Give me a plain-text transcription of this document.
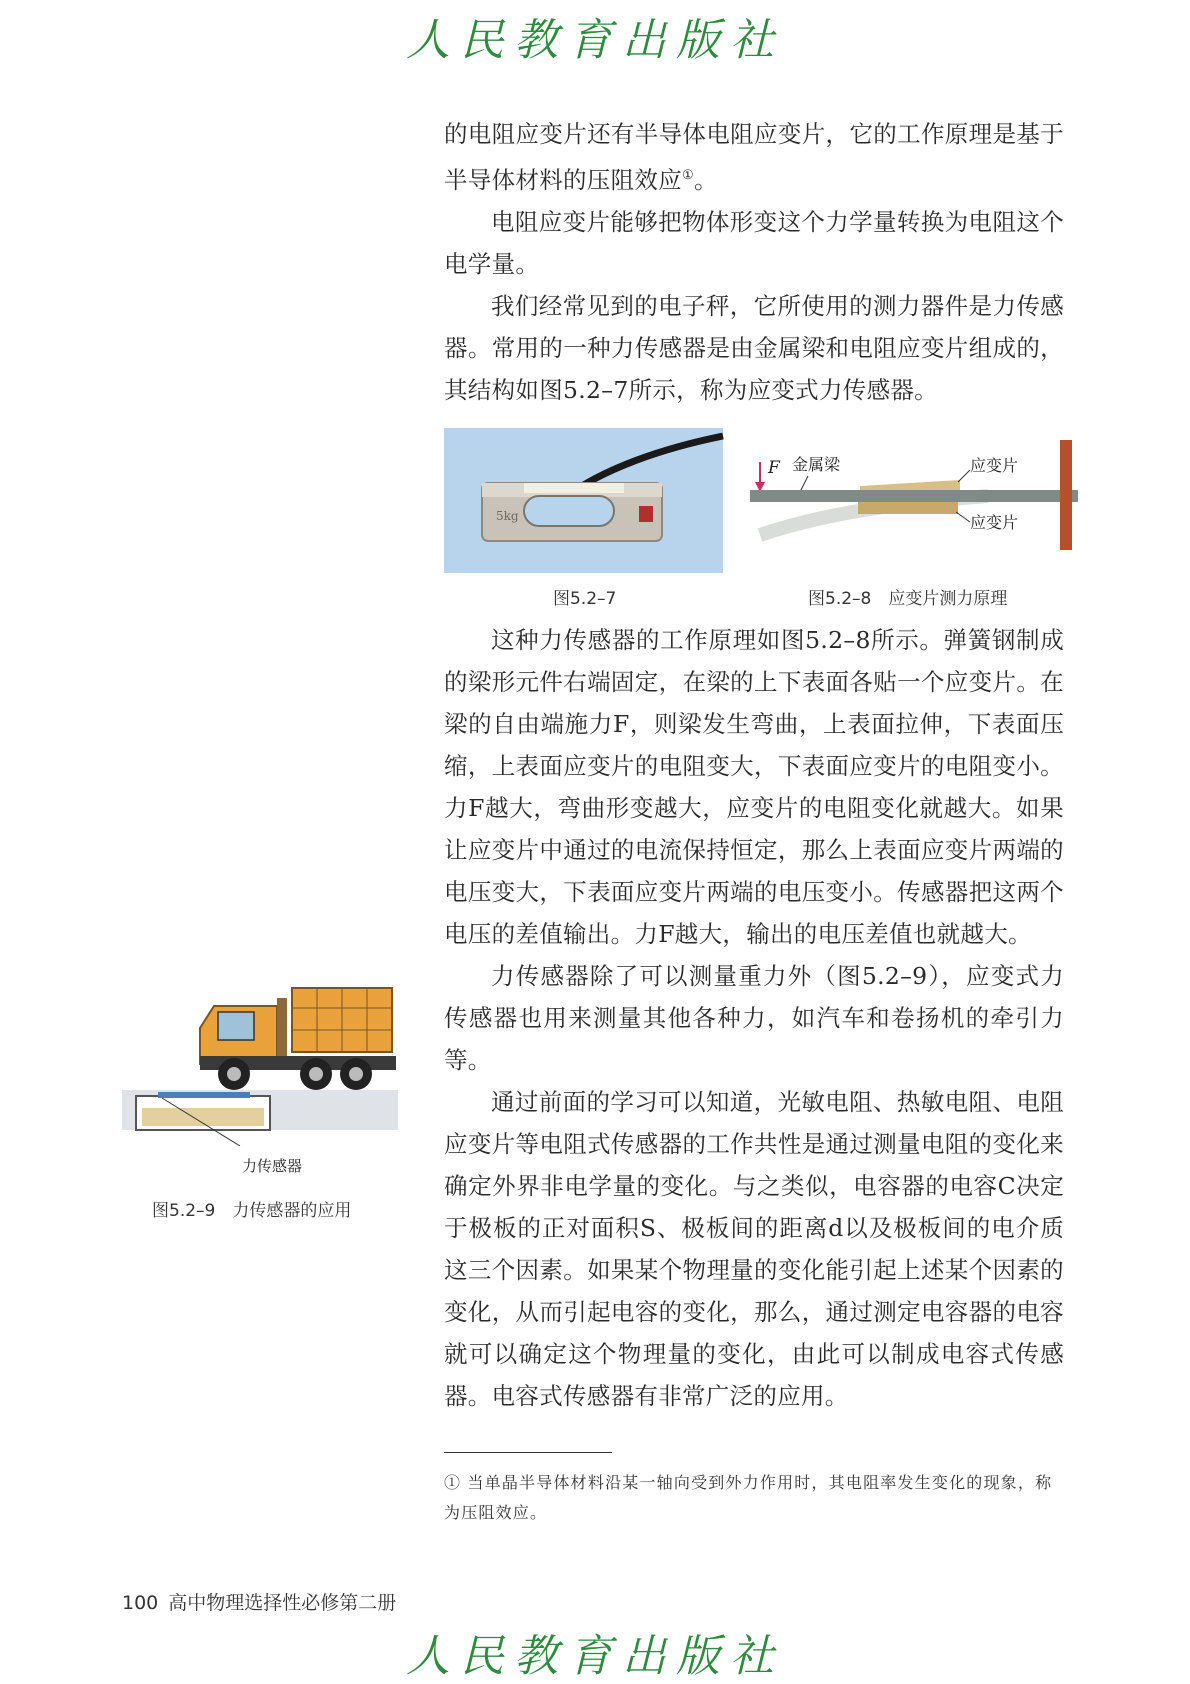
人民教育出版社

的电阻应变片还有半导体电阻应变片，它的工作原理是基于半导体材料的压阻效应①。

电阻应变片能够把物体形变这个力学量转换为电阻这个电学量。

我们经常见到的电子秤，它所使用的测力器件是力传感器。常用的一种力传感器是由金属梁和电阻应变片组成的，其结构如图5.2–7所示，称为应变式力传感器。

5kg
图5.2–7
F 金属梁	应变片
应变片
图5.2–8　应变片测力原理
力传感器
图5.2–9　力传感器的应用

这种力传感器的工作原理如图5.2–8所示。弹簧钢制成的梁形元件右端固定，在梁的上下表面各贴一个应变片。在梁的自由端施力F，则梁发生弯曲，上表面拉伸，下表面压缩，上表面应变片的电阻变大，下表面应变片的电阻变小。力F越大，弯曲形变越大，应变片的电阻变化就越大。如果让应变片中通过的电流保持恒定，那么上表面应变片两端的电压变大，下表面应变片两端的电压变小。传感器把这两个电压的差值输出。力F越大，输出的电压差值也就越大。

力传感器除了可以测量重力外（图5.2–9），应变式力传感器也用来测量其他各种力，如汽车和卷扬机的牵引力等。

通过前面的学习可以知道，光敏电阻、热敏电阻、电阻应变片等电阻式传感器的工作共性是通过测量电阻的变化来确定外界非电学量的变化。与之类似，电容器的电容C决定于极板的正对面积S、极板间的距离d以及极板间的电介质这三个因素。如果某个物理量的变化能引起上述某个因素的变化，从而引起电容的变化，那么，通过测定电容器的电容就可以确定这个物理量的变化，由此可以制成电容式传感器。电容式传感器有非常广泛的应用。

① 当单晶半导体材料沿某一轴向受到外力作用时，其电阻率发生变化的现象，称为压阻效应。
100 高中物理选择性必修第二册
人民教育出版社
